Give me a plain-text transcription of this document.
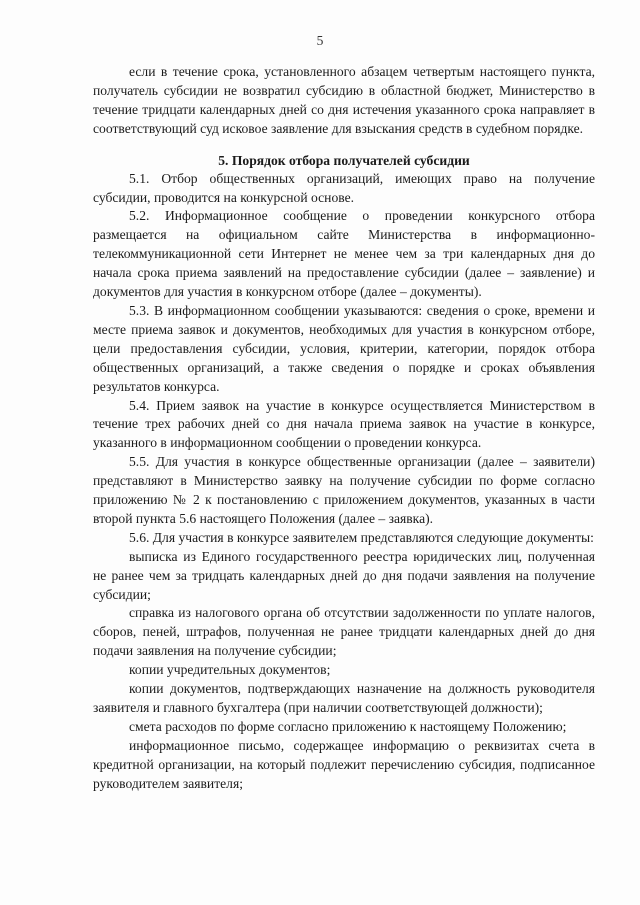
5

если в течение срока, установленного абзацем четвертым настоящего пункта, получатель субсидии не возвратил субсидию в областной бюджет, Министерство в течение тридцати календарных дней со дня истечения указанного срока направляет в соответствующий суд исковое заявление для взыскания средств в судебном порядке.

5. Порядок отбора получателей субсидии

5.1. Отбор общественных организаций, имеющих право на получение субсидии, проводится на конкурсной основе.

5.2. Информационное сообщение о проведении конкурсного отбора размещается на официальном сайте Министерства в информационно-телекоммуникационной сети Интернет не менее чем за три календарных дня до начала срока приема заявлений на предоставление субсидии (далее – заявление) и документов для участия в конкурсном отборе (далее – документы).

5.3. В информационном сообщении указываются: сведения о сроке, времени и месте приема заявок и документов, необходимых для участия в конкурсном отборе, цели предоставления субсидии, условия, критерии, категории, порядок отбора общественных организаций, а также сведения о порядке и сроках объявления результатов конкурса.

5.4. Прием заявок на участие в конкурсе осуществляется Министерством в течение трех рабочих дней со дня начала приема заявок на участие в конкурсе, указанного в информационном сообщении о проведении конкурса.

5.5. Для участия в конкурсе общественные организации (далее – заявители) представляют в Министерство заявку на получение субсидии по форме согласно приложению № 2 к постановлению с приложением документов, указанных в части второй пункта 5.6 настоящего Положения (далее – заявка).

5.6. Для участия в конкурсе заявителем представляются следующие документы:

выписка из Единого государственного реестра юридических лиц, полученная не ранее чем за тридцать календарных дней до дня подачи заявления на получение субсидии;

справка из налогового органа об отсутствии задолженности по уплате налогов, сборов, пеней, штрафов, полученная не ранее тридцати календарных дней до дня подачи заявления на получение субсидии;

копии учредительных документов;

копии документов, подтверждающих назначение на должность руководителя заявителя и главного бухгалтера (при наличии соответствующей должности);

смета расходов по форме согласно приложению к настоящему Положению;

информационное письмо, содержащее информацию о реквизитах счета в кредитной организации, на который подлежит перечислению субсидия, подписанное руководителем заявителя;
